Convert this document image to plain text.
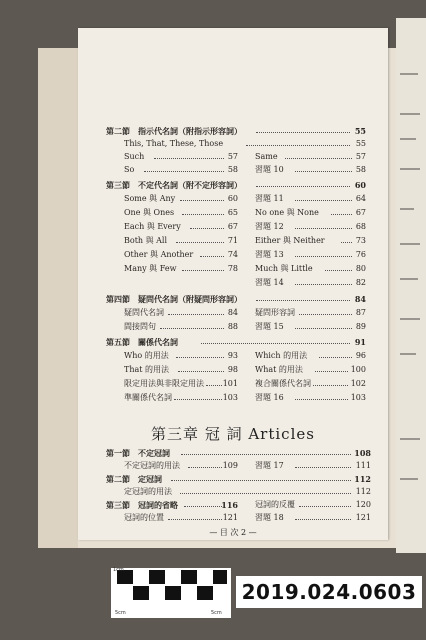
第二節　 指示代名詞（附指示形容詞）	55
This, That, These, Those	55
Such	57 Same	57
So	58 習題 10	58
第三節　 不定代名詞（附不定形容詞）	60
Some 與 Any	60 習題 11	64
One 與 Ones	65 No one 與 None	67
Each 與 Every	67 習題 12	68
Both 與 All	71 Either 與 Neither	73
Other 與 Another	74 習題 13	76
Many 與 Few	78 Much 與 Little	80
習題 14	82
第四節　 疑問代名詞（附疑問形容詞）	84
疑問代名詞	84 疑問形容詞	87
間接問句	88 習題 15	89
第五節　 關係代名詞	91
Who 的用法	93 Which 的用法	96
That 的用法	98 What 的用法	100
限定用法與非限定用法 101 複合關係代名詞	102
準關係代名詞	103 習題 16	103
第三章 冠 詞 Articles
第一節　 不定冠詞	108
不定冠詞的用法	109 習題 17	111
第二節　 定冠詞	112
定冠詞的用法	112
第三節　 冠詞的省略	116 冠詞的反覆	120
冠詞的位置	121 習題 18	121
— 目 次 2 —
1cm
5cm	5cm
2019.024.0603
